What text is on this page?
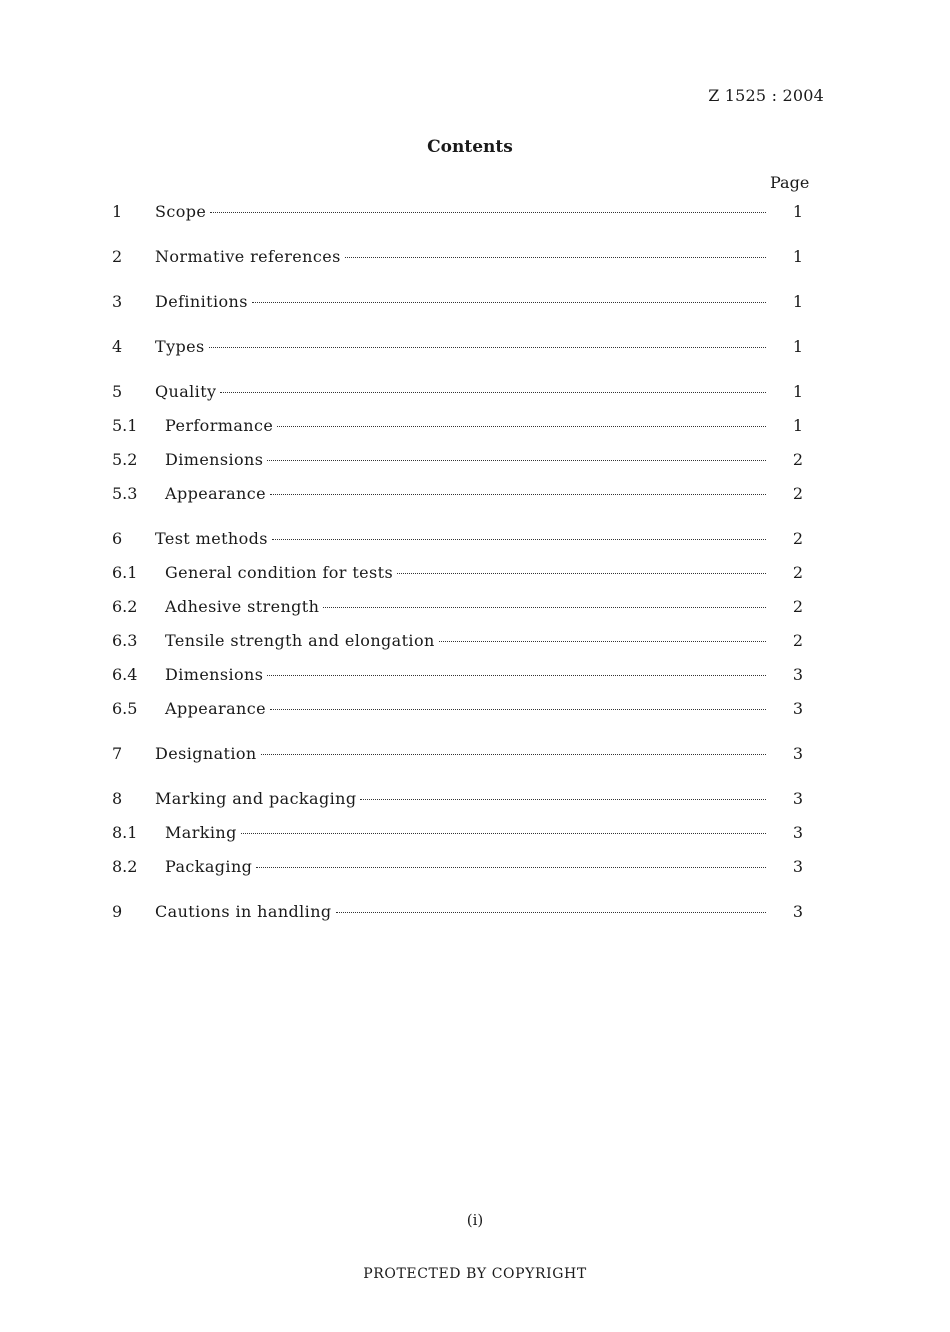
Z 1525 : 2004
Contents
Page
1	Scope	1
2	Normative references	1
3	Definitions	1
4	Types	1
5	Quality	1
5.1	Performance	1
5.2	Dimensions	2
5.3	Appearance	2
6	Test methods	2
6.1	General condition for tests	2
6.2	Adhesive strength	2
6.3	Tensile strength and elongation	2
6.4	Dimensions	3
6.5	Appearance	3
7	Designation	3
8	Marking and packaging	3
8.1	Marking	3
8.2	Packaging	3
9	Cautions in handling	3
(i)
PROTECTED BY COPYRIGHT
